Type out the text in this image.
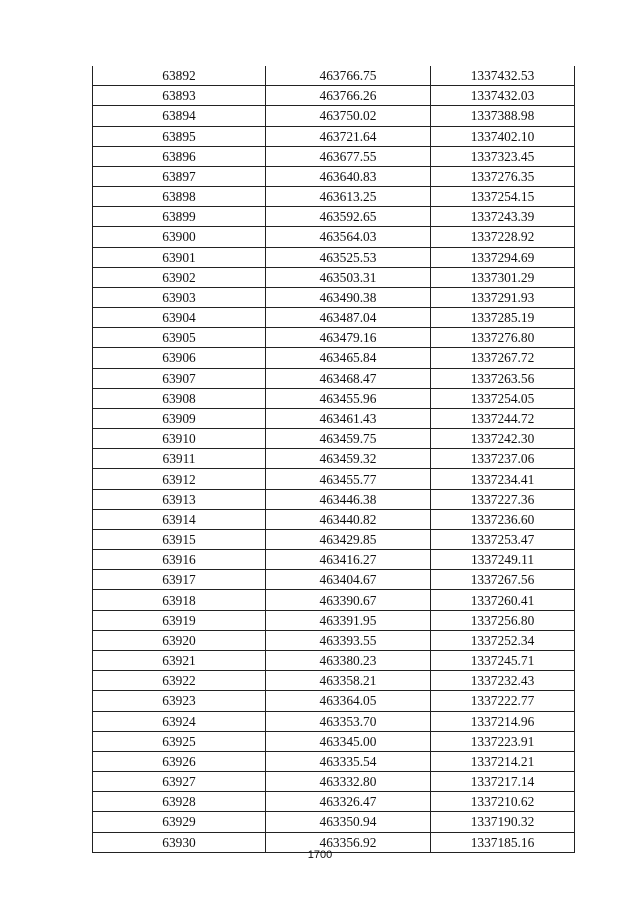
63892	463766.75	1337432.53
63893	463766.26	1337432.03
63894	463750.02	1337388.98
63895	463721.64	1337402.10
63896	463677.55	1337323.45
63897	463640.83	1337276.35
63898	463613.25	1337254.15
63899	463592.65	1337243.39
63900	463564.03	1337228.92
63901	463525.53	1337294.69
63902	463503.31	1337301.29
63903	463490.38	1337291.93
63904	463487.04	1337285.19
63905	463479.16	1337276.80
63906	463465.84	1337267.72
63907	463468.47	1337263.56
63908	463455.96	1337254.05
63909	463461.43	1337244.72
63910	463459.75	1337242.30
63911	463459.32	1337237.06
63912	463455.77	1337234.41
63913	463446.38	1337227.36
63914	463440.82	1337236.60
63915	463429.85	1337253.47
63916	463416.27	1337249.11
63917	463404.67	1337267.56
63918	463390.67	1337260.41
63919	463391.95	1337256.80
63920	463393.55	1337252.34
63921	463380.23	1337245.71
63922	463358.21	1337232.43
63923	463364.05	1337222.77
63924	463353.70	1337214.96
63925	463345.00	1337223.91
63926	463335.54	1337214.21
63927	463332.80	1337217.14
63928	463326.47	1337210.62
63929	463350.94	1337190.32
63930	463356.92	1337185.16
1700
